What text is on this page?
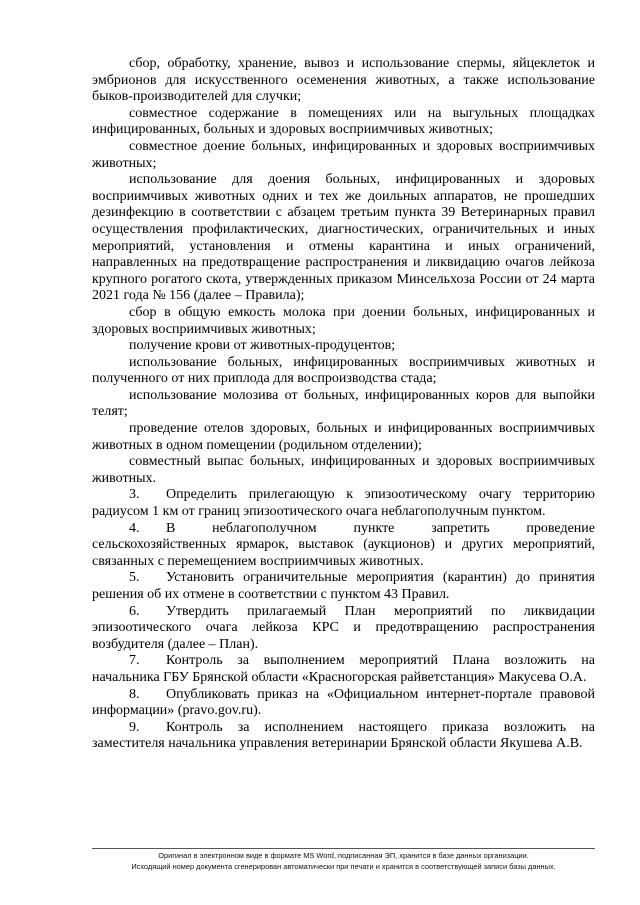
сбор, обработку, хранение, вывоз и использование спермы, яйцеклеток и эмбрионов для искусственного осеменения животных, а также использование быков-производителей для случки;

совместное содержание в помещениях или на выгульных площадках инфицированных, больных и здоровых восприимчивых животных;

совместное доение больных, инфицированных и здоровых восприимчивых животных;

использование для доения больных, инфицированных и здоровых восприимчивых животных одних и тех же доильных аппаратов, не прошедших дезинфекцию в соответствии с абзацем третьим пункта 39 Ветеринарных правил осуществления профилактических, диагностических, ограничительных и иных мероприятий, установления и отмены карантина и иных ограничений, направленных на предотвращение распространения и ликвидацию очагов лейкоза крупного рогатого скота, утвержденных приказом Минсельхоза России от 24 марта 2021 года № 156 (далее – Правила);

сбор в общую емкость молока при доении больных, инфицированных и здоровых восприимчивых животных;

получение крови от животных-продуцентов;

использование больных, инфицированных восприимчивых животных и полученного от них приплода для воспроизводства стада;

использование молозива от больных, инфицированных коров для выпойки телят;

проведение отелов здоровых, больных и инфицированных восприимчивых животных в одном помещении (родильном отделении);

совместный выпас больных, инфицированных и здоровых восприимчивых животных.

3. Определить прилегающую к эпизоотическому очагу территорию радиусом 1 км от границ эпизоотического очага неблагополучным пунктом.

4. В неблагополучном пункте запретить проведение сельскохозяйственных ярмарок, выставок (аукционов) и других мероприятий, связанных с перемещением восприимчивых животных.

5. Установить ограничительные мероприятия (карантин) до принятия решения об их отмене в соответствии с пунктом 43 Правил.

6. Утвердить прилагаемый План мероприятий по ликвидации эпизоотического очага лейкоза КРС и предотвращению распространения возбудителя (далее – План).

7. Контроль за выполнением мероприятий Плана возложить на начальника ГБУ Брянской области «Красногорская райветстанция» Макусева О.А.

8. Опубликовать приказ на «Официальном интернет-портале правовой информации» (pravo.gov.ru).

9. Контроль за исполнением настоящего приказа возложить на заместителя начальника управления ветеринарии Брянской области Якушева А.В.

Оригинал в электронном виде в формате MS Word, подписанная ЭП, хранится в базе данных организации.
Исходящий номер документа сгенерирован автоматически при печати и хранится в соответствующей записи базы данных.
